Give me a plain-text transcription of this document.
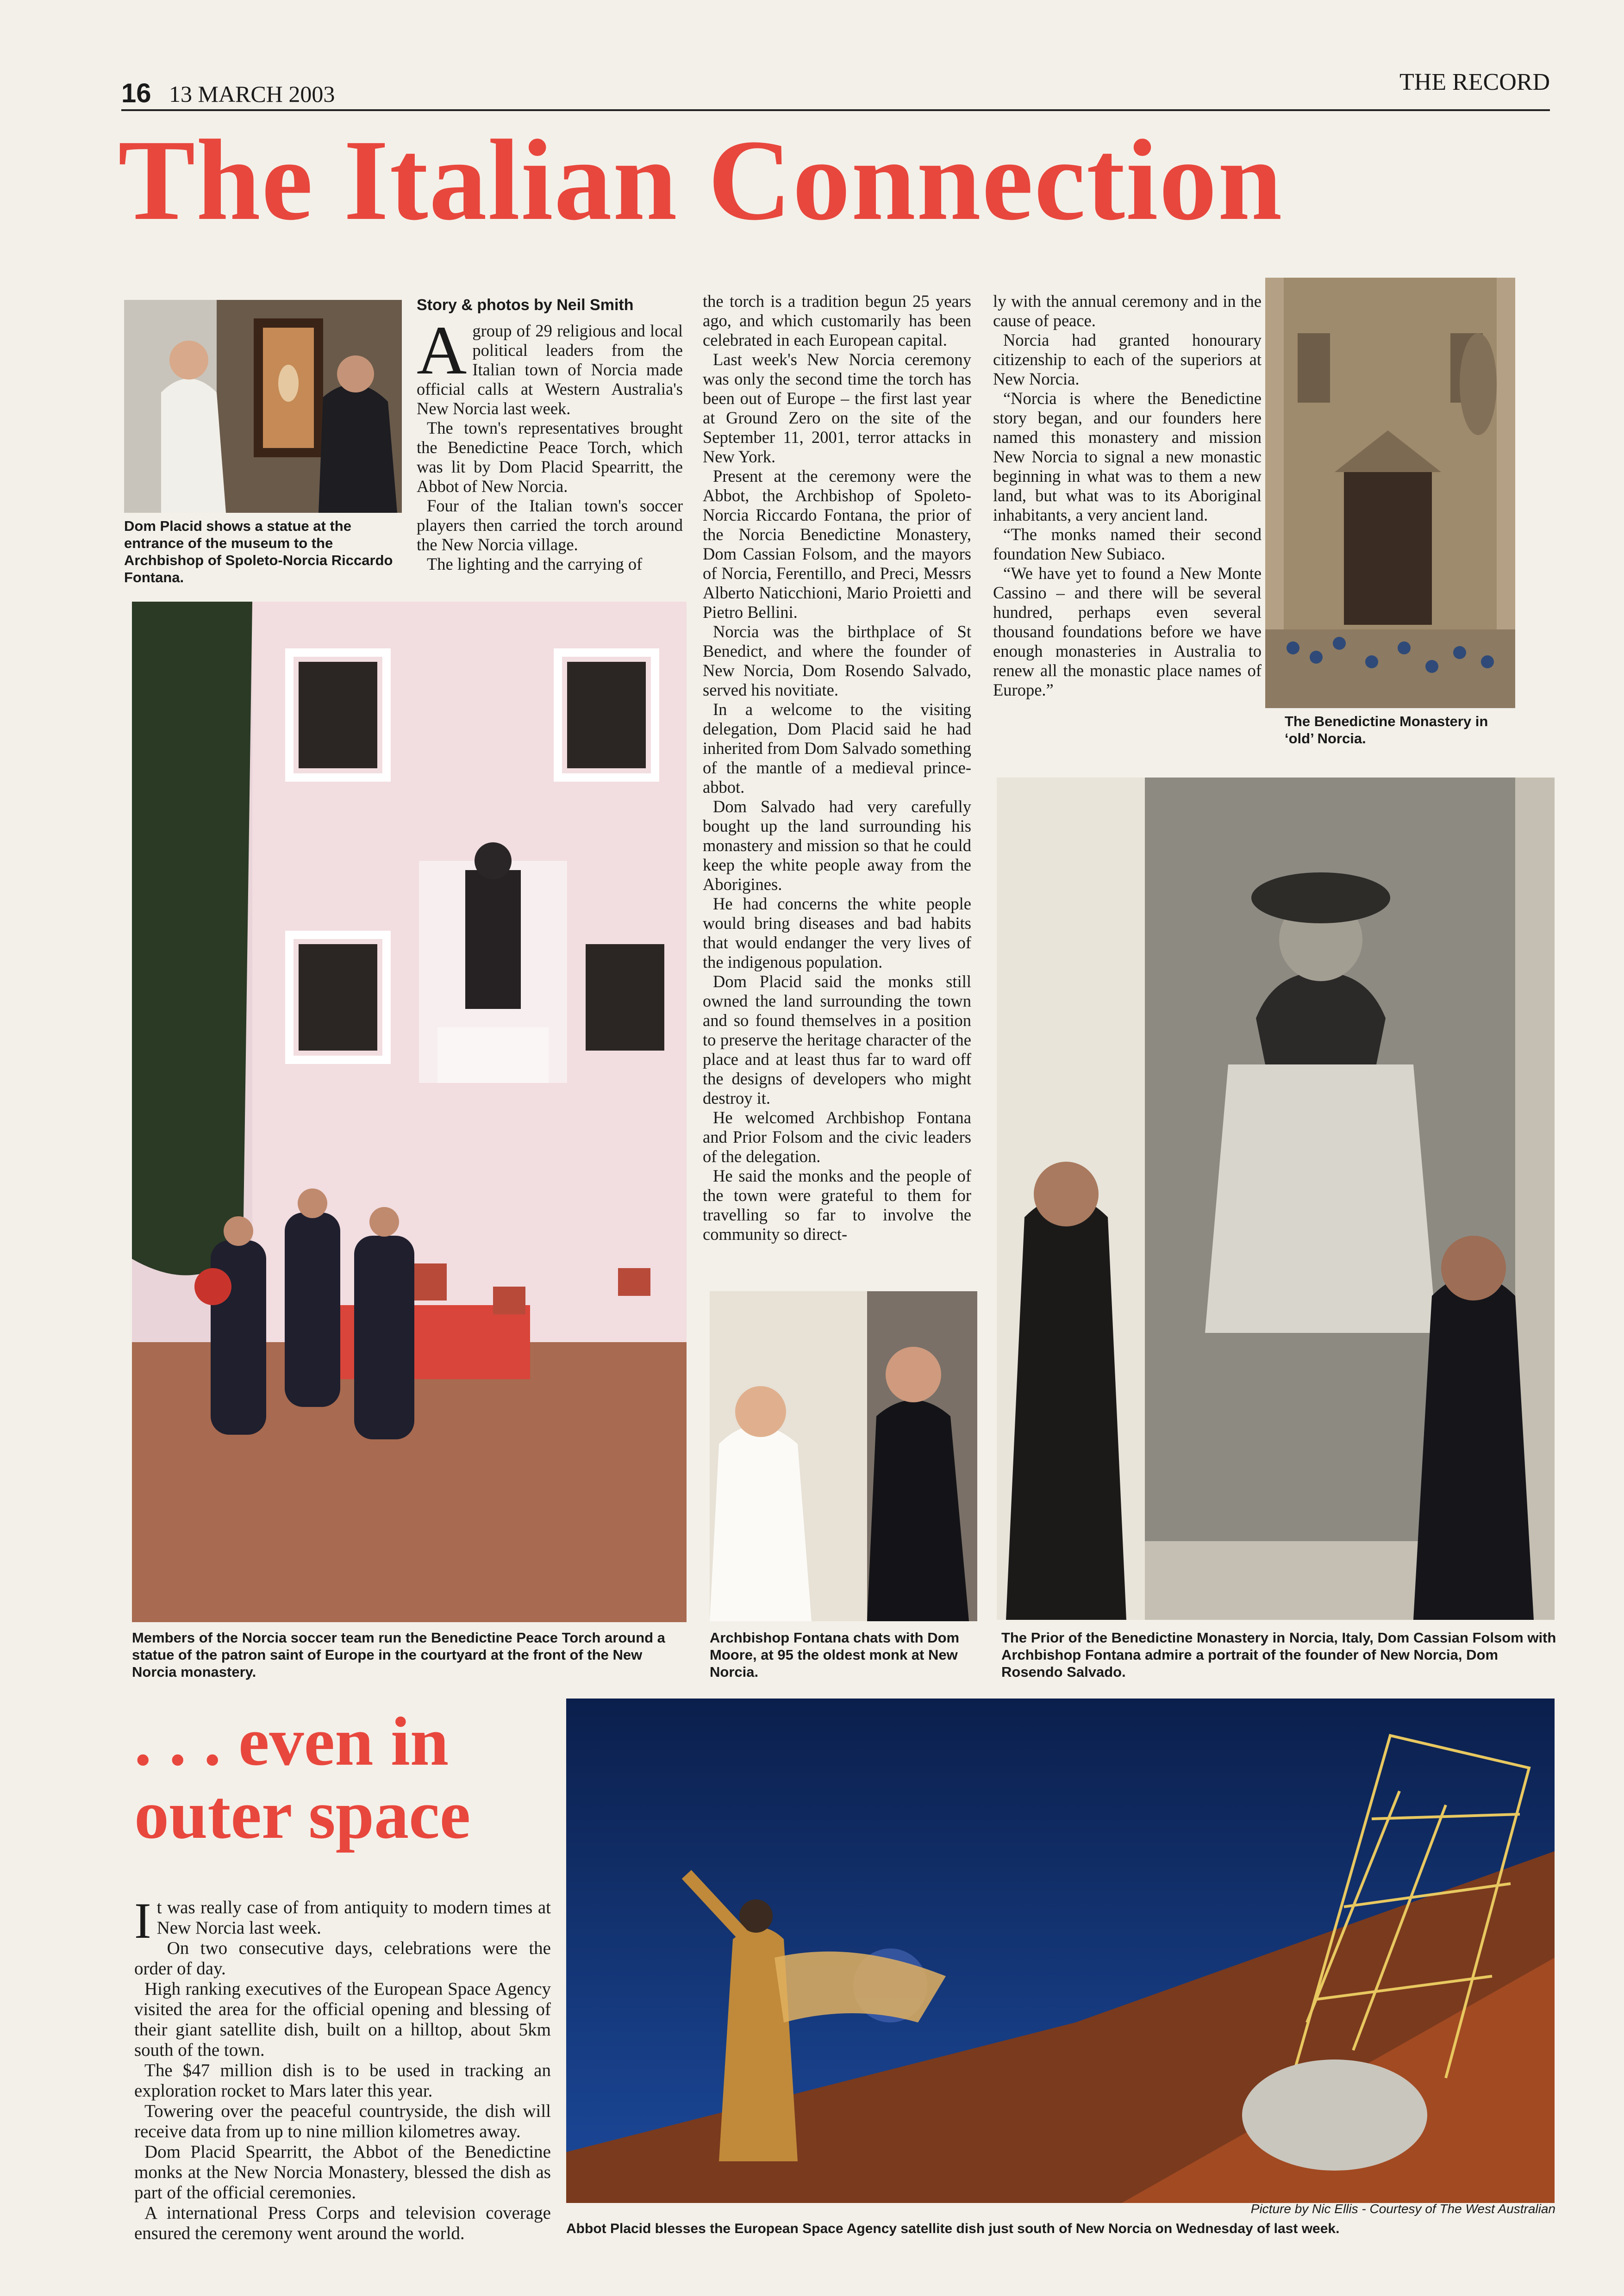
16 13 MARCH 2003	THE RECORD
The Italian Connection
Dom Placid shows a statue at the entrance of the museum to the Archbishop of Spoleto-Norcia Riccardo Fontana.
Story & photos by Neil Smith
A group of 29 religious and local political leaders from the Italian town of Norcia made official calls at Western Australia's New Norcia last week.

The town's representatives brought the Benedictine Peace Torch, which was lit by Dom Placid Spearritt, the Abbot of New Norcia.

Four of the Italian town's soccer players then carried the torch around the New Norcia village.

The lighting and the carrying of

the torch is a tradition begun 25 years ago, and which customarily has been celebrated in each European capital.

Last week's New Norcia ceremony was only the second time the torch has been out of Europe – the first last year at Ground Zero on the site of the September 11, 2001, terror attacks in New York.

Present at the ceremony were the Abbot, the Archbishop of Spoleto-Norcia Riccardo Fontana, the prior of the Norcia Benedictine Monastery, Dom Cassian Folsom, and the mayors of Norcia, Ferentillo, and Preci, Messrs Alberto Naticchioni, Mario Proietti and Pietro Bellini.

Norcia was the birthplace of St Benedict, and where the founder of New Norcia, Dom Rosendo Salvado, served his novitiate.

In a welcome to the visiting delegation, Dom Placid said he had inherited from Dom Salvado something of the mantle of a medieval prince-abbot.

Dom Salvado had very carefully bought up the land surrounding his monastery and mission so that he could keep the white people away from the Aborigines.

He had concerns the white people would bring diseases and bad habits that would endanger the very lives of the indigenous population.

Dom Placid said the monks still owned the land surrounding the town and so found themselves in a position to preserve the heritage character of the place and at least thus far to ward off the designs of developers who might destroy it.

He welcomed Archbishop Fontana and Prior Folsom and the civic leaders of the delegation.

He said the monks and the people of the town were grateful to them for travelling so far to involve the community so direct-

ly with the annual ceremony and in the cause of peace.

Norcia had granted honourary citizenship to each of the superiors at New Norcia.

“Norcia is where the Benedictine story began, and our founders here named this monastery and mission New Norcia to signal a new monastic beginning in what was to them a new land, but what was to its Aboriginal inhabitants, a very ancient land.

“The monks named their second foundation New Subiaco.

“We have yet to found a New Monte Cassino – and there will be several hundred, perhaps even several thousand foundations before we have enough monasteries in Australia to renew all the monastic place names of Europe.”

The Benedictine Monastery in ‘old’ Norcia.
Members of the Norcia soccer team run the Benedictine Peace Torch around a statue of the patron saint of Europe in the courtyard at the front of the New Norcia monastery.
Archbishop Fontana chats with Dom Moore, at 95 the oldest monk at New Norcia.
The Prior of the Benedictine Monastery in Norcia, Italy, Dom Cassian Folsom with Archbishop Fontana admire a portrait of the founder of New Norcia, Dom Rosendo Salvado.
. . . even in
outer space
I t was really case of from antiquity to modern times at New Norcia last week.

On two consecutive days, celebrations were the order of day.

High ranking executives of the European Space Agency visited the area for the official opening and blessing of their giant satellite dish, built on a hilltop, about 5km south of the town.

The $47 million dish is to be used in tracking an exploration rocket to Mars later this year.

Towering over the peaceful countryside, the dish will receive data from up to nine million kilometres away.

Dom Placid Spearritt, the Abbot of the Benedictine monks at the New Norcia Monastery, blessed the dish as part of the official ceremonies.

A international Press Corps and television coverage ensured the ceremony went around the world.

Picture by Nic Ellis - Courtesy of The West Australian
Abbot Placid blesses the European Space Agency satellite dish just south of New Norcia on Wednesday of last week.
